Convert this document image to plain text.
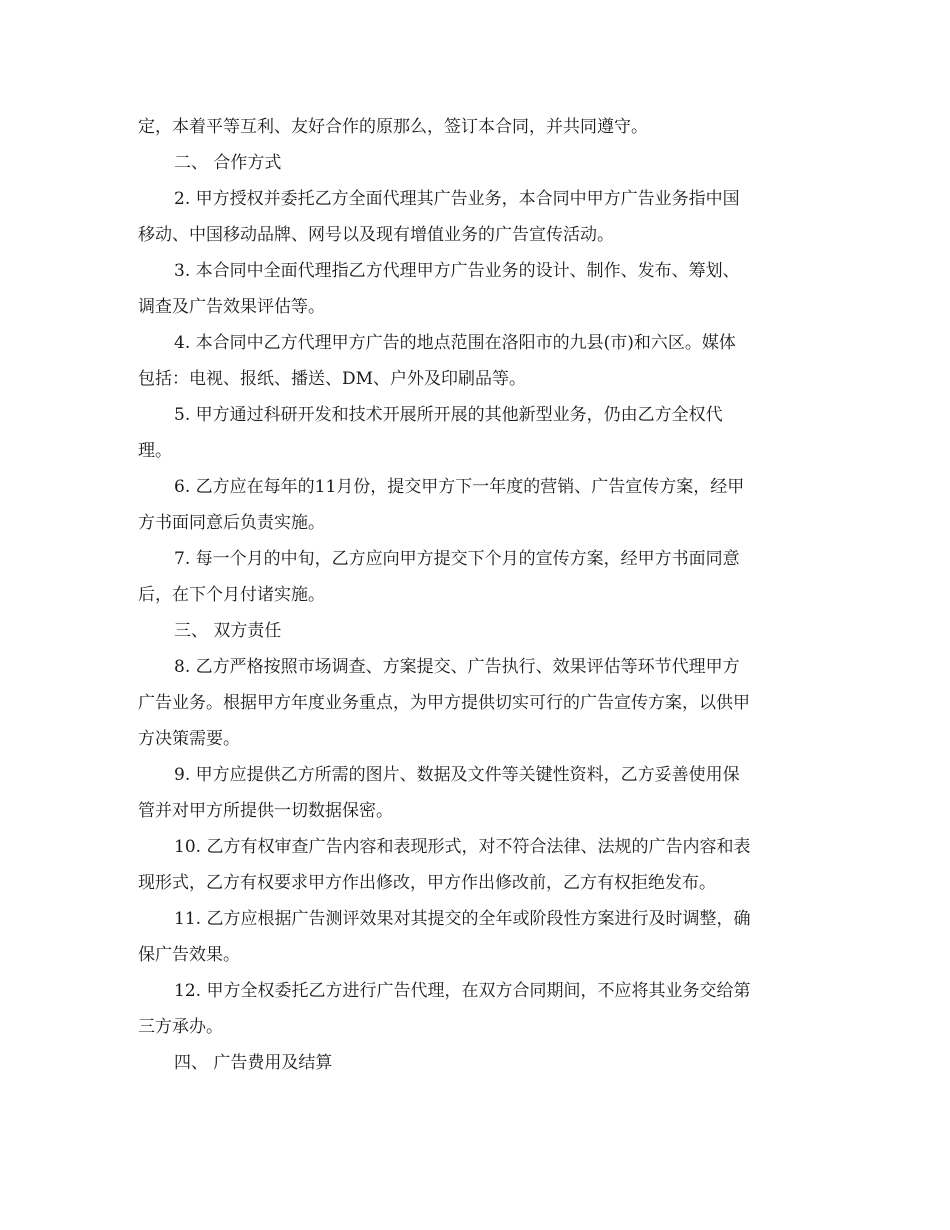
定，本着平等互利、友好合作的原那么，签订本合同，并共同遵守。
二、 合作方式
2. 甲方授权并委托乙方全面代理其广告业务，本合同中甲方广告业务指中国
移动、中国移动品牌、网号以及现有增值业务的广告宣传活动。
3. 本合同中全面代理指乙方代理甲方广告业务的设计、制作、发布、筹划、
调查及广告效果评估等。
4. 本合同中乙方代理甲方广告的地点范围在洛阳市的九县(市)和六区。媒体
包括：电视、报纸、播送、DM、户外及印刷品等。
5. 甲方通过科研开发和技术开展所开展的其他新型业务，仍由乙方全权代
理。
6. 乙方应在每年的11月份，提交甲方下一年度的营销、广告宣传方案，经甲
方书面同意后负责实施。
7. 每一个月的中旬，乙方应向甲方提交下个月的宣传方案，经甲方书面同意
后，在下个月付诸实施。
三、 双方责任
8. 乙方严格按照市场调查、方案提交、广告执行、效果评估等环节代理甲方
广告业务。根据甲方年度业务重点，为甲方提供切实可行的广告宣传方案，以供甲
方决策需要。
9. 甲方应提供乙方所需的图片、数据及文件等关键性资料，乙方妥善使用保
管并对甲方所提供一切数据保密。
10. 乙方有权审查广告内容和表现形式，对不符合法律、法规的广告内容和表
现形式，乙方有权要求甲方作出修改，甲方作出修改前，乙方有权拒绝发布。
11. 乙方应根据广告测评效果对其提交的全年或阶段性方案进行及时调整，确
保广告效果。
12. 甲方全权委托乙方进行广告代理，在双方合同期间，不应将其业务交给第
三方承办。
四、 广告费用及结算
